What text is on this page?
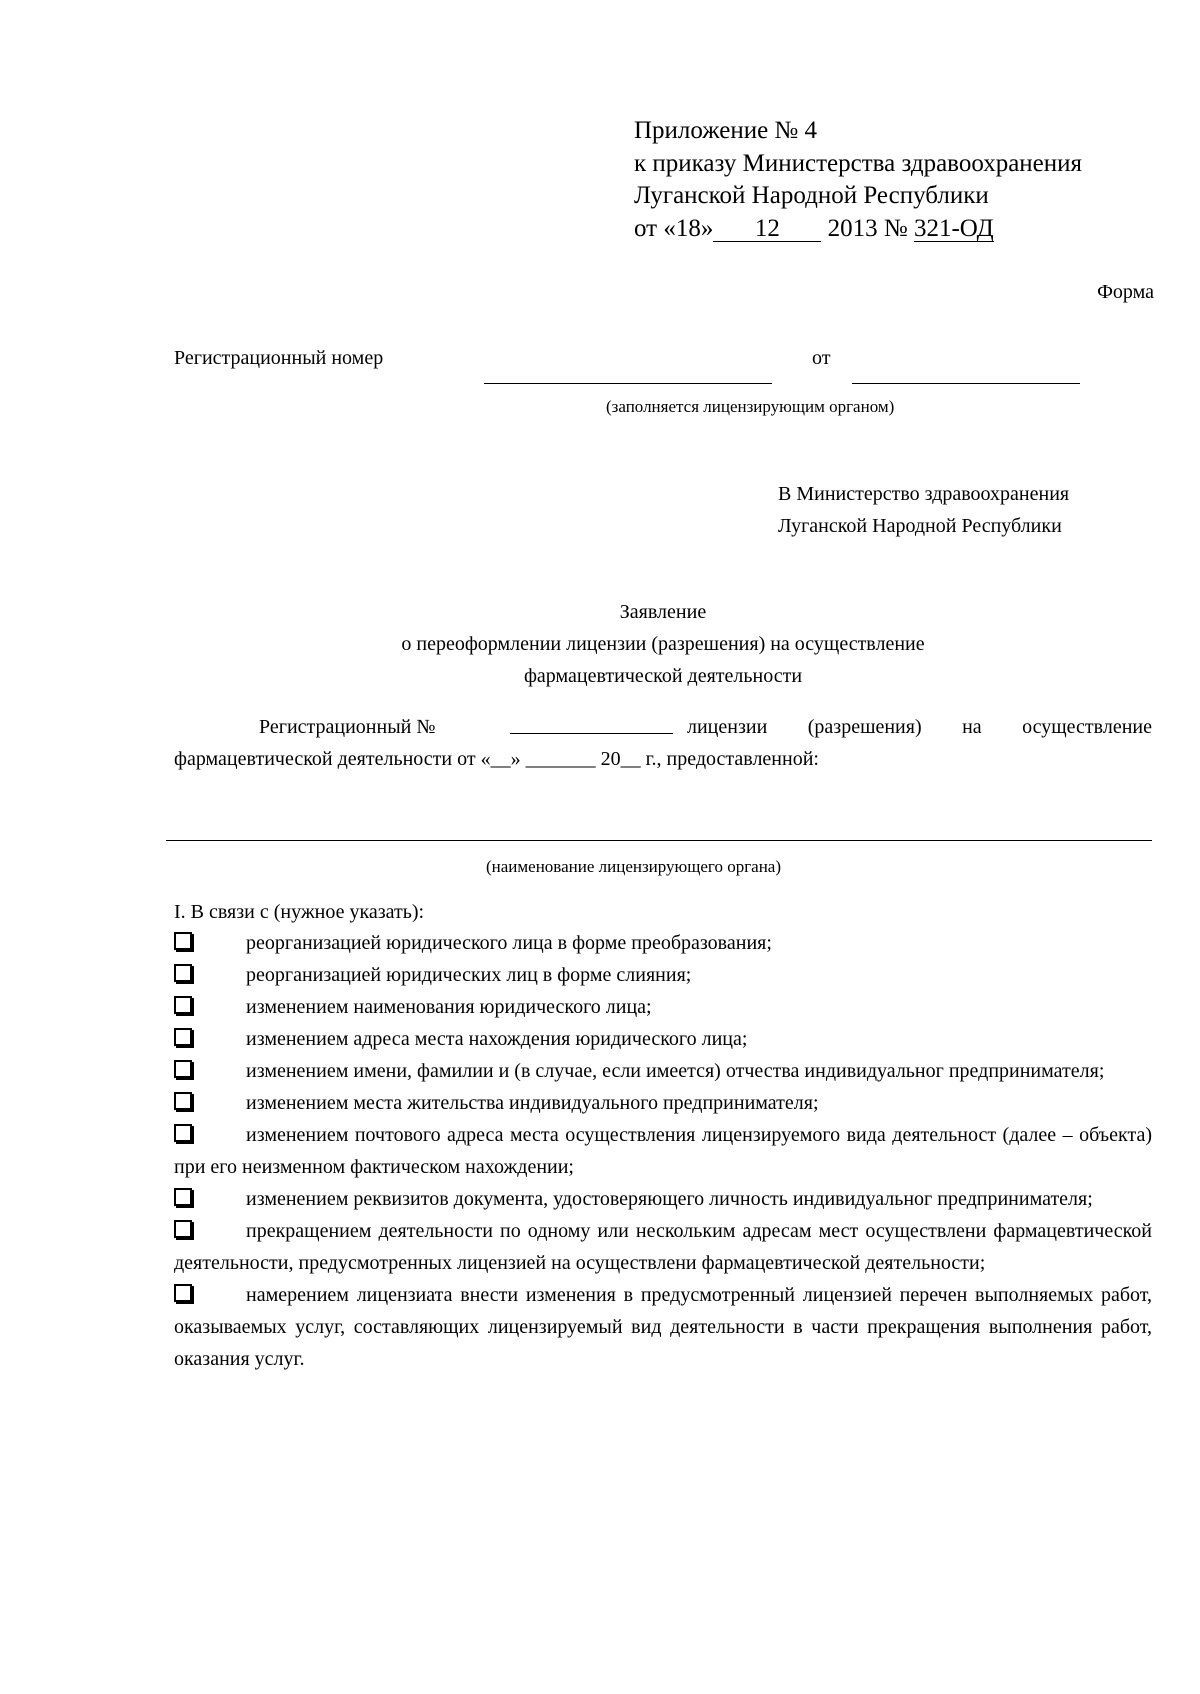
Приложение № 4
к приказу Министерства здравоохранения
Луганской Народной Республики
от «18» 12 2013 № 321-ОД
Форма
Регистрационный номер	от
(заполняется лицензирующим органом)
В Министерство здравоохранения
Луганской Народной Республики
Заявление
о переоформлении лицензии (разрешения) на осуществление
фармацевтической деятельности
Регистрационный №	лицензии (разрешения) на осуществление
фармацевтической деятельности от «__» _______ 20__ г., предоставленной:
(наименование лицензирующего органа)
I. В связи с (нужное указать):
реорганизацией юридического лица в форме преобразования;
реорганизацией юридических лиц в форме слияния;
изменением наименования юридического лица;
изменением адреса места нахождения юридического лица;
изменением имени, фамилии и (в случае, если имеется) отчества индивидуальног предпринимателя;
изменением места жительства индивидуального предпринимателя;
изменением почтового адреса места осуществления лицензируемого вида деятельност (далее – объекта) при его неизменном фактическом нахождении;
изменением реквизитов документа, удостоверяющего личность индивидуальног предпринимателя;
прекращением деятельности по одному или нескольким адресам мест осуществлени фармацевтической деятельности, предусмотренных лицензией на осуществлени фармацевтической деятельности;
намерением лицензиата внести изменения в предусмотренный лицензией перечен выполняемых работ, оказываемых услуг, составляющих лицензируемый вид деятельности в части прекращения выполнения работ, оказания услуг.
